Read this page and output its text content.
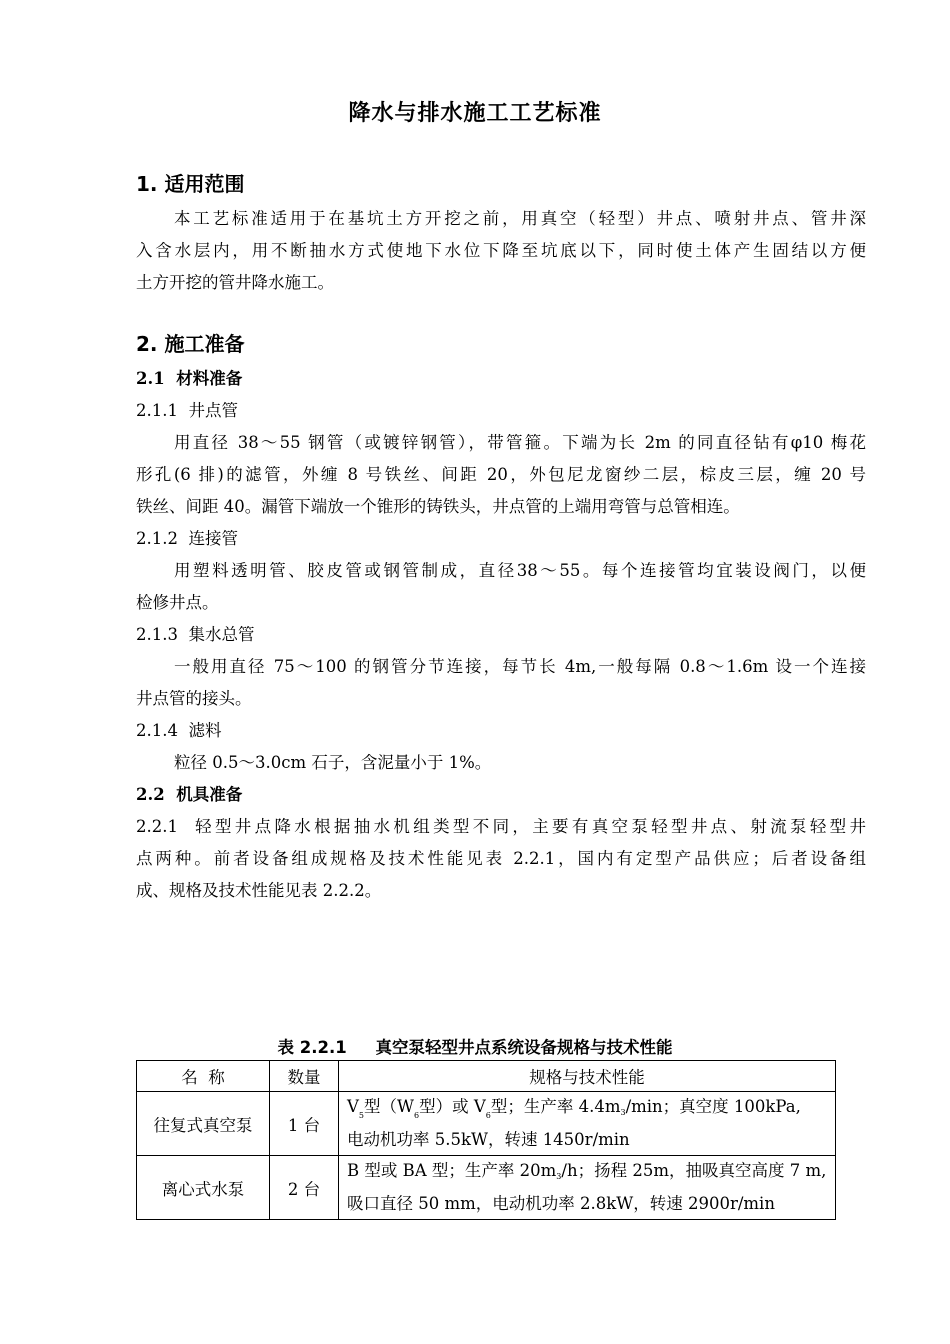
降水与排水施工工艺标准
1. 适用范围
本工艺标准适用于在基坑土方开挖之前，用真空（轻型）井点、喷射井点、管井深
入含水层内，用不断抽水方式使地下水位下降至坑底以下，同时使土体产生固结以方便
土方开挖的管井降水施工。
2. 施工准备
2.1  材料准备
2.1.1  井点管
用直径 38～55 钢管（或镀锌钢管），带管箍。下端为长 2m 的同直径钻有φ10 梅花
形孔(6 排)的滤管，外缠 8 号铁丝、间距 20，外包尼龙窗纱二层，棕皮三层，缠 20 号
铁丝、间距 40。漏管下端放一个锥形的铸铁头，井点管的上端用弯管与总管相连。
2.1.2  连接管
用塑料透明管、胶皮管或钢管制成，直径38～55。每个连接管均宜装设阀门，以便
检修井点。
2.1.3  集水总管
一般用直径 75～100 的钢管分节连接，每节长 4m,一般每隔 0.8～1.6m 设一个连接
井点管的接头。
2.1.4  滤料
粒径 0.5～3.0cm 石子，含泥量小于 1%。
2.2  机具准备
2.2.1  轻型井点降水根据抽水机组类型不同，主要有真空泵轻型井点、射流泵轻型井
点两种。前者设备组成规格及技术性能见表 2.2.1，国内有定型产品供应；后者设备组
成、规格及技术性能见表 2.2.2。
表 2.2.1     真空泵轻型井点系统设备规格与技术性能
名  称	数量	规格与技术性能
往复式真空泵	1 台	$V_5$型（$W_6$型）或 $V_6$型；生产率 4.4m3/min；真空度 100kPa,
电动机功率 5.5kW，转速 1450r/min

离心式水泵	2 台	B 型或 BA 型；生产率 20m3/h；扬程 25m，抽吸真空高度 7 m,
吸口直径 50 mm，电动机功率 2.8kW，转速 2900r/min
